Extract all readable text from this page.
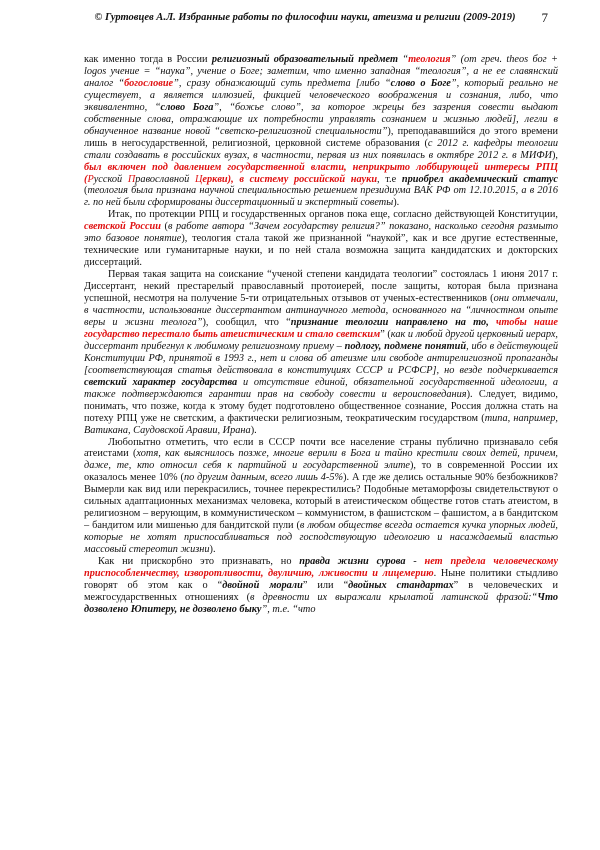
© Гуртовцев А.Л. Избранные работы по философии науки, атеизма и религии (2009-2019) 7

как именно тогда в России религиозный образовательный предмет “теология” (от греч. theos бог + logos учение = “наука”, учение о Боге; заметим, что именно западная “теология”, а не ее славянский аналог “богословие”, сразу обнажающий суть предмета [либо “слово о Боге”, который реально не существует, а является иллюзией, фикцией человеческого воображения и сознания, либо, что эквивалентно, “слово Бога”, “божье слово”, за которое жрецы без зазрения совести выдают собственные слова, отражающие их потребности управлять сознанием и жизнью людей], легли в обнаученное название новой “светско-религиозной специальности”), преподававшийся до этого времени лишь в негосударственной, религиозной, церковной системе образования (с 2012 г. кафедры теологии стали создавать в российских вузах, в частности, первая из них появилась в октябре 2012 г. в МИФИ), был включен под давлением государственной власти, неприкрыто лоббирующей интересы РПЦ (Русской Православной Церкви), в систему российской науки, т.е приобрел академический статус (теология была признана научной специальностью решением президиума ВАК РФ от 12.10.2015, а в 2016 г. по ней были сформированы диссертационный и экспертный советы).

Итак, по протекции РПЦ и государственных органов пока еще, согласно действующей Конституции, светской России (в работе автора “Зачем государству религия?” показано, насколько сегодня размыто это базовое понятие), теология стала такой же признанной “наукой”, как и все другие естественные, технические или гуманитарные науки, и по ней стала возможна защита кандидатских и докторских диссертаций.

Первая такая защита на соискание “ученой степени кандидата теологии” состоялась 1 июня 2017 г. Диссертант, некий престарелый православный протоиерей, после защиты, которая была признана успешной, несмотря на получение 5-ти отрицательных отзывов от ученых-естественников (они отмечали, в частности, использование диссертантом антинаучного метода, основанного на “личностном опыте веры и жизни теолога”), сообщил, что “признание теологии направлено на то, чтобы наше государство перестало быть атеистическим и стало светским” (как и любой другой церковный иерарх, диссертант прибегнул к любимому религиозному приему – подлогу, подмене понятий, ибо в действующей Конституции РФ, принятой в 1993 г., нет и слова об атеизме или свободе антирелигиозной пропаганды [соответствующая статья действовала в конституциях СССР и РСФСР], но везде подчеркивается светский характер государства и отсутствие единой, обязательной государственной идеологии, а также подтверждаются гарантии прав на свободу совести и вероисповедания). Следует, видимо, понимать, что позже, когда к этому будет подготовлено общественное сознание, Россия должна стать на потеху РПЦ уже не светским, а фактически религиозным, теократическим государством (типа, например, Ватикана, Саудовской Аравии, Ирана).

Любопытно отметить, что если в СССР почти все население страны публично признавало себя атеистами (хотя, как выяснилось позже, многие верили в Бога и тайно крестили своих детей, причем, даже, те, кто относил себя к партийной и государственной элите), то в современной России их оказалось менее 10% (по другим данным, всего лишь 4-5%). А где же делись остальные 90% безбожников? Вымерли как вид или перекрасились, точнее перекрестились? Подобные метаморфозы свидетельствуют о сильных адаптационных механизмах человека, который в атеистическом обществе готов стать атеистом, в религиозном – верующим, в коммунистическом – коммунистом, в фашистском – фашистом, а в бандитском – бандитом или мишенью для бандитской пули (в любом обществе всегда остается кучка упорных людей, которые не хотят приспосабливаться под господствующую идеологию и насаждаемый властью массовый стереотип жизни).

Как ни прискорбно это признавать, но правда жизни сурова - нет предела человеческому приспособленчеству, изворотливости, двуличию, лживости и лицемерию. Ныне политики стыдливо говорят об этом как о “двойной морали” или “двойных стандартах” в человеческих и межгосударственных отношениях (в древности их выражали крылатой латинской фразой:“Что дозволено Юпитеру, не дозволено быку”, т.е. “что
